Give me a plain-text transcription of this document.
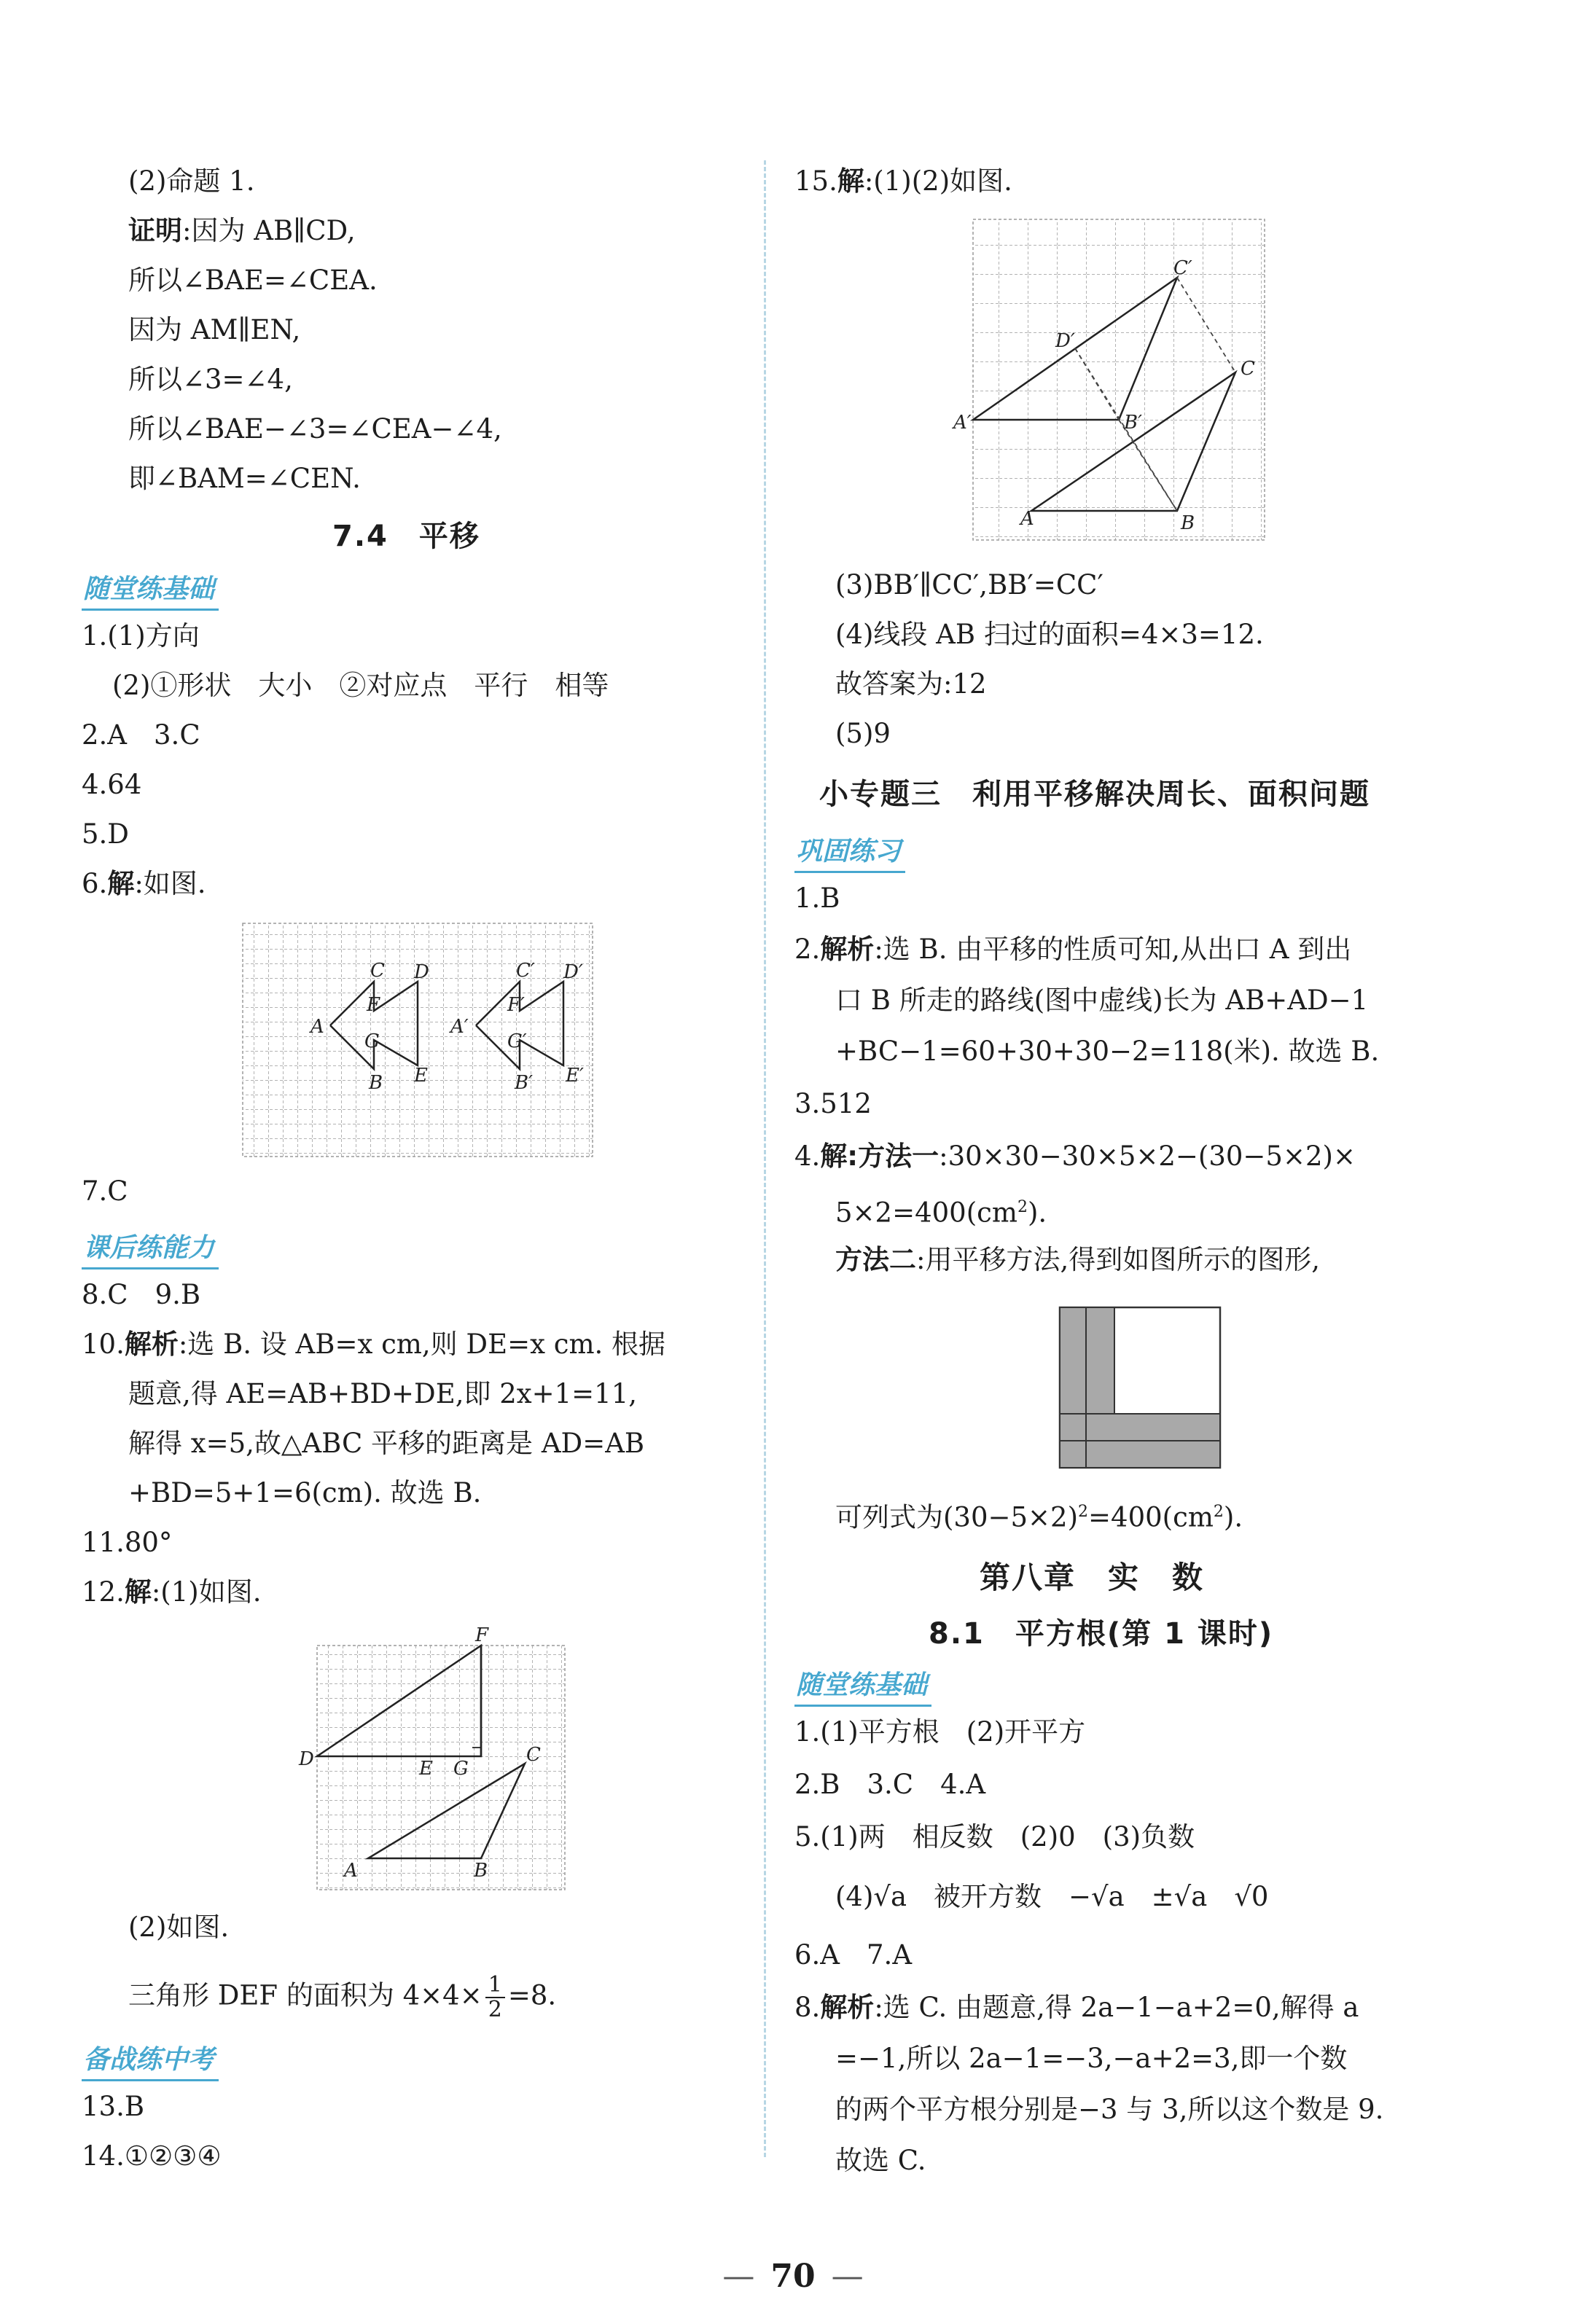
(2)命题 1.
证明:因为 AB∥CD,
所以∠BAE=∠CEA.
因为 AM∥EN,
所以∠3=∠4,
所以∠BAE−∠3=∠CEA−∠4,
即∠BAM=∠CEN.
7.4　平移
随堂练基础
1.(1)方向
(2)①形状　大小　②对应点　平行　相等
2.A　3.C
4.64
5.D
6.解:如图.
A
C D
F
G
E
B
A′
C′ D′
F′
G′
E′
B′
7.C
课后练能力
8.C　9.B
10.解析:选 B. 设 AB=x cm,则 DE=x cm. 根据
题意,得 AE=AB+BD+DE,即 2x+1=11,
解得 x=5,故△ABC 平移的距离是 AD=AB
+BD=5+1=6(cm). 故选 B.
11.80°
12.解:(1)如图.
F
D	E G
C
A	B
(2)如图.
三角形 DEF 的面积为 $4\times 4\times \frac{1}{2} =8$.
备战练中考
13.B
14.①②③④
15.解:(1)(2)如图.
C′
D′
A′	B′
C
A	B
(3)BB′∥CC′,BB′=CC′
(4)线段 AB 扫过的面积=4×3=12.
故答案为:12
(5)9
小专题三　利用平移解决周长、面积问题
巩固练习
1.B
2.解析:选 B. 由平移的性质可知,从出口 A 到出
口 B 所走的路线(图中虚线)长为 AB+AD−1
+BC−1=60+30+30−2=118(米). 故选 B.
3.512
4.解:方法一:30×30−30×5×2−(30−5×2)×
$5\times 2=400(cm^2)$.
方法二:用平移方法,得到如图所示的图形,
可列式为$(30-5\times 2)^2=400(cm^2)$.
第八章　实　数
8.1　平方根(第 1 课时)
随堂练基础
1.(1)平方根　(2)开平方
2.B　3.C　4.A
5.(1)两　相反数　(2)0　(3)负数
(4)√a　被开方数　−√a　±√a　√0
6.A　7.A
8.解析:选 C. 由题意,得 2a−1−a+2=0,解得 a
=−1,所以 2a−1=−3,−a+2=3,即一个数
的两个平方根分别是−3 与 3,所以这个数是 9.
故选 C.
— 70 —
